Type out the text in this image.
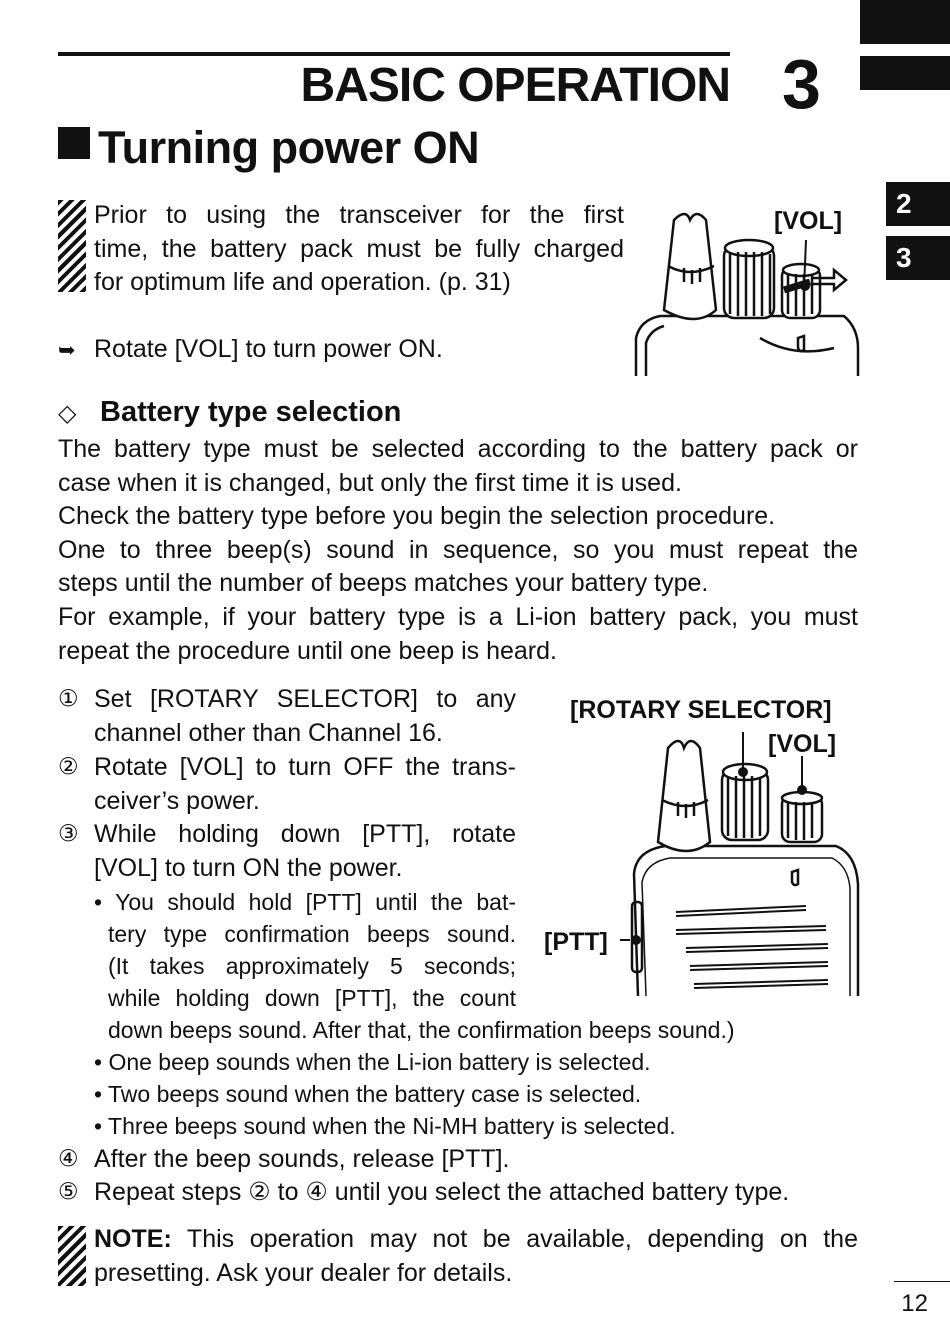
BASIC OPERATION 3
2
3
Turning power ON
Prior to using the transceiver for the first
time, the battery pack must be fully charged
for optimum life and operation. (p. 31)
➥ Rotate [VOL] to turn power ON.
[VOL]
◇ Battery type selection
The battery type must be selected according to the battery pack or
case when it is changed, but only the first time it is used.
Check the battery type before you begin the selection procedure.
One to three beep(s) sound in sequence, so you must repeat the
steps until the number of beeps matches your battery type.
For example, if your battery type is a Li-ion battery pack, you must
repeat the procedure until one beep is heard.
① Set [ROTARY SELECTOR] to any
channel other than Channel 16.
② Rotate [VOL] to turn OFF the trans-
ceiver’s power.
③ While holding down [PTT], rotate
[VOL] to turn ON the power.
• You should hold [PTT] until the bat-
tery type confirmation beeps sound.
(It takes approximately 5 seconds;
while holding down [PTT], the count
down beeps sound. After that, the confirmation beeps sound.)
• One beep sounds when the Li-ion battery is selected.
• Two beeps sound when the battery case is selected.
• Three beeps sound when the Ni-MH battery is selected.
④ After the beep sounds, release [PTT].
⑤ Repeat steps ② to ④ until you select the attached battery type.
[ROTARY SELECTOR]
[VOL]
[PTT]
NOTE: This operation may not be available, depending on the
presetting. Ask your dealer for details.
12
